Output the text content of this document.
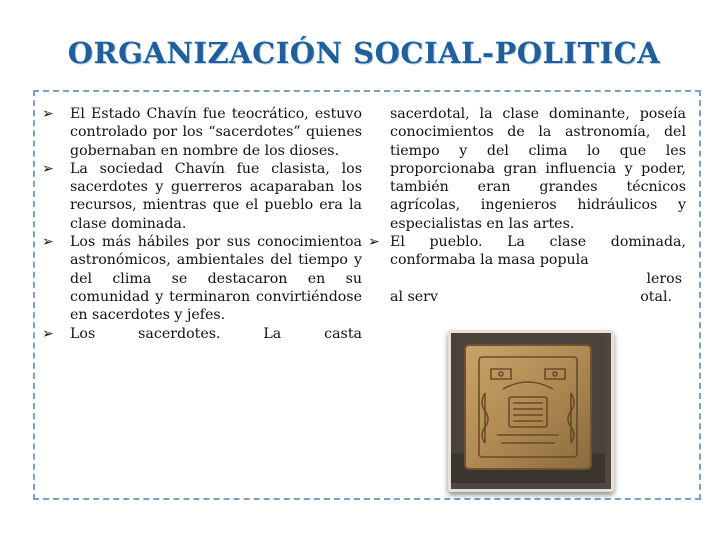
ORGANIZACIÓN SOCIAL-POLITICA
➢ El Estado Chavín fue teocrático, estuvo controlado por los “sacerdotes” quienes gobernaban en nombre de los dioses.
➢ La sociedad Chavín fue clasista, los sacerdotes y guerreros acaparaban los recursos, mientras que el pueblo era la clase dominada.
➢ Los más hábiles por sus conocimientoa astronómicos, ambientales del tiempo y del clima se destacaron en su comunidad y terminaron convirtiéndose en sacerdotes y jefes.
➢ Los sacerdotes. La casta
sacerdotal, la clase dominante, poseía conocimientos de la astronomía, del tiempo y del clima lo que les proporcionaba gran influencia y poder, también eran grandes técnicos agrícolas, ingenieros hidráulicos y especialistas en las artes.
➢ El pueblo. La clase dominada, conformaba la masa popula
leros
al serv	otal.
